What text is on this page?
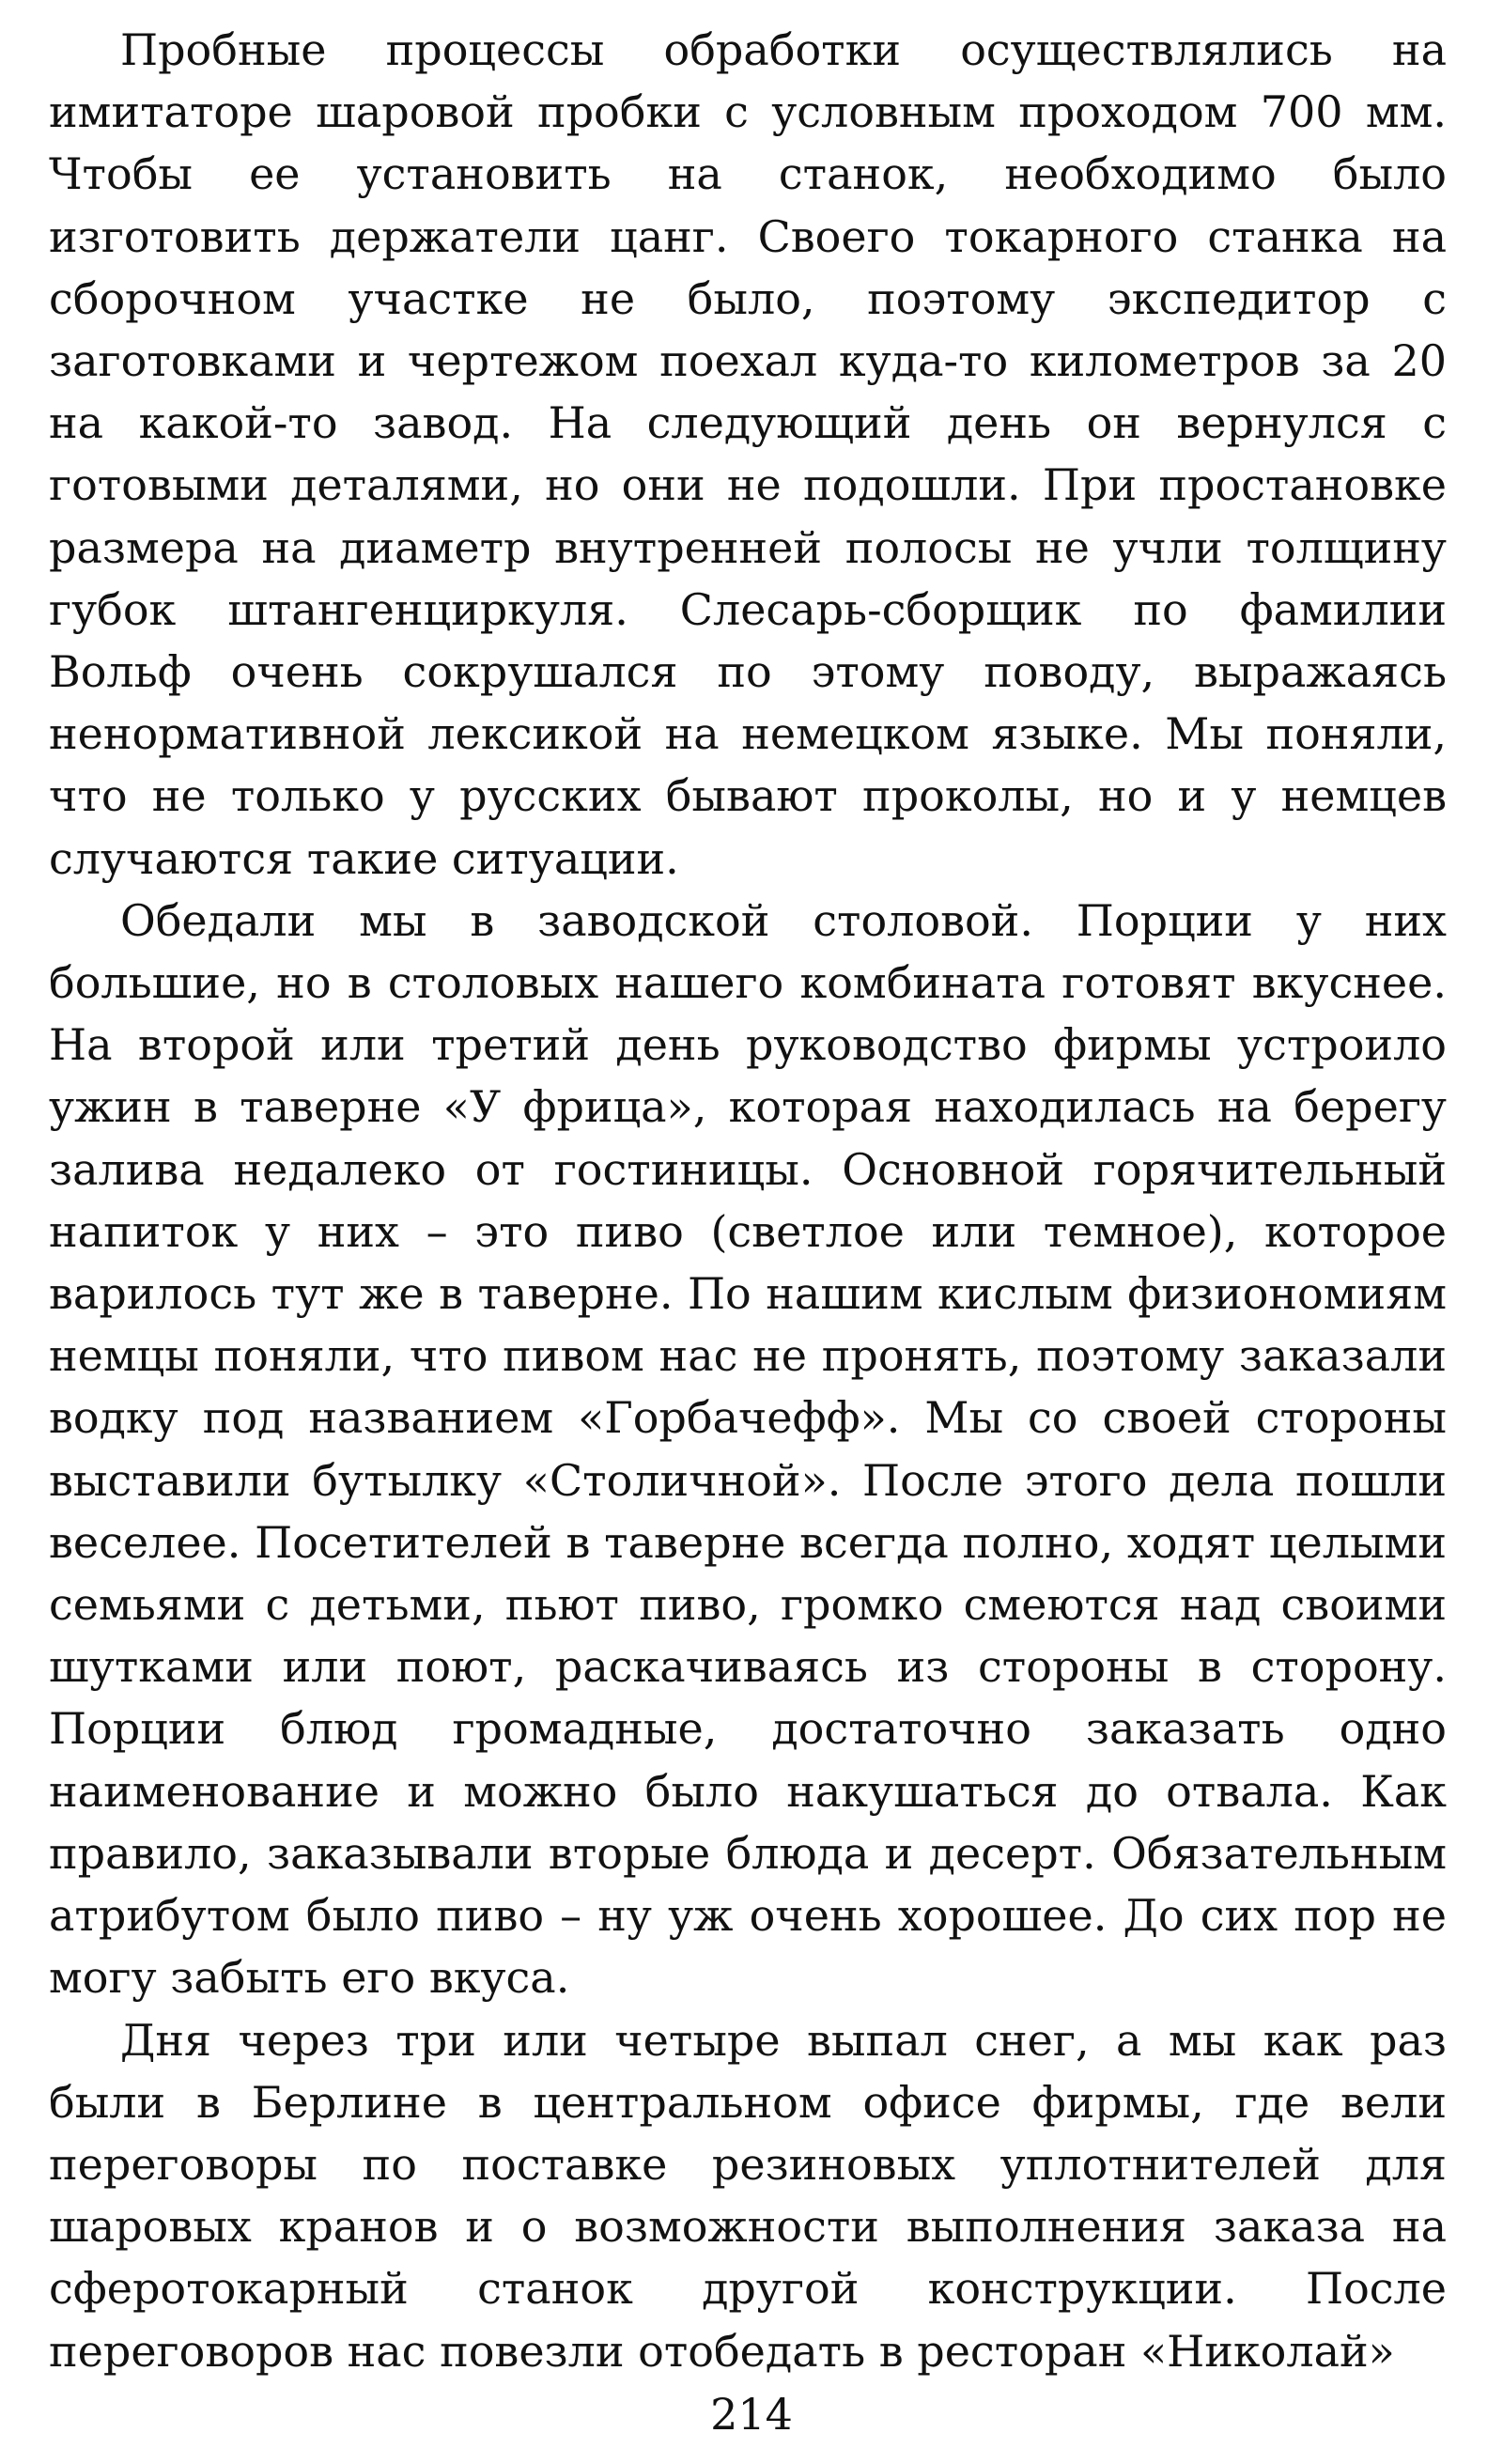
Пробные процессы обработки осуществлялись на имитаторе шаровой пробки с условным проходом 700 мм. Чтобы ее установить на станок, необходимо было изготовить держатели цанг. Своего токарного станка на сборочном участке не было, поэтому экспедитор с заготовками и чертежом поехал куда-то километров за 20 на какой-то завод. На следующий день он вернулся с готовыми деталями, но они не подошли. При простановке размера на диаметр внутренней полосы не учли толщину губок штангенциркуля. Слесарь-сборщик по фамилии Вольф очень сокрушался по этому поводу, выражаясь ненормативной лексикой на немецком языке. Мы поняли, что не только у русских бывают проколы, но и у немцев случаются такие ситуации.

Обедали мы в заводской столовой. Порции у них большие, но в столовых нашего комбината готовят вкуснее. На второй или третий день руководство фирмы устроило ужин в таверне «У фрица», которая находилась на берегу залива недалеко от гостиницы. Основной горячительный напиток у них – это пиво (светлое или темное), которое варилось тут же в таверне. По нашим кислым физиономиям немцы поняли, что пивом нас не пронять, поэтому заказали водку под названием «Горбачефф». Мы со своей стороны выставили бутылку «Столичной». После этого дела пошли веселее. Посетителей в таверне всегда полно, ходят целыми семьями с детьми, пьют пиво, громко смеются над своими шутками или поют, раскачиваясь из стороны в сторону. Порции блюд громадные, достаточно заказать одно наименование и можно было накушаться до отвала. Как правило, заказывали вторые блюда и десерт. Обязательным атрибутом было пиво – ну уж очень хорошее. До сих пор не могу забыть его вкуса.

Дня через три или четыре выпал снег, а мы как раз были в Берлине в центральном офисе фирмы, где вели переговоры по поставке резиновых уплотнителей для шаровых кранов и о возможности выполнения заказа на сферотокарный станок другой конструкции. После переговоров нас повезли отобедать в ресторан «Николай»

214
